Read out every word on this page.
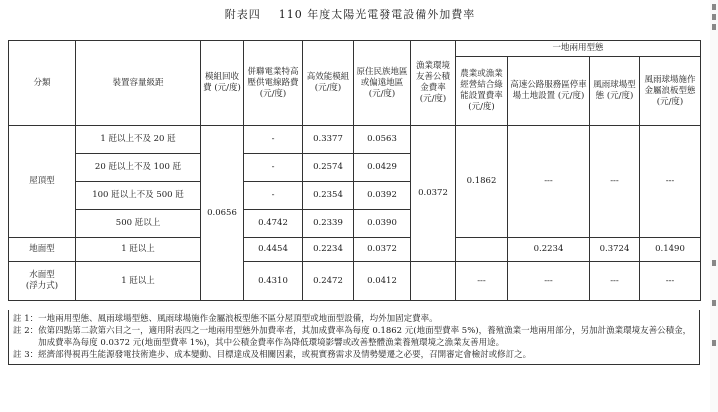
附表四 110 年度太陽光電發電設備外加費率
分類	裝置容量級距	模組回收費 (元/度)	併聯電業特高壓供電線路費(元/度)	高效能模組 (元/度)	原住民族地區或偏遠地區 (元/度)	漁業環境友善公積金費率 (元/度)	一地兩用型態			
							農業或漁業經營結合綠能設置費率(元/度)	高速公路服務區停車場土地設置 (元/度)	風雨球場型態 (元/度)	風雨球場施作金屬浪板型態 (元/度)
屋頂型	1 瓩以上不及 20 瓩	0.0656	-	0.3377	0.0563	0.0372	0.1862	---	---	---
	20 瓩以上不及 100 瓩		-	0.2574	0.0429					
	100 瓩以上不及 500 瓩		-	0.2354	0.0392					
	500 瓩以上		0.4742	0.2339	0.0390					
地面型	1 瓩以上		0.4454	0.2234	0.0372			0.2234	0.3724	0.1490
水面型
(浮力式)	1 瓩以上		0.4310	0.2472	0.0412		---	---	---	---
註 1： 一地兩用型態、風雨球場型態、風雨球場施作金屬浪板型態不區分屋頂型或地面型設備，均外加固定費率。
註 2： 依第四點第二款第六目之一，適用附表四之一地兩用型態外加費率者，其加成費率為每度 0.1862 元(地面型費率 5%)，養殖漁業一地兩用部分，另加計漁業環境友善公積金，加成費率為每度 0.0372 元(地面型費率 1%)，其中公積金費率作為降低環境影響或改善整體漁業養殖環境之漁業友善用途。
註 3： 經濟部得視再生能源發電技術進步、成本變動、目標達成及相關因素，或視實務需求及情勢變遷之必要，召開審定會檢討或修訂之。
